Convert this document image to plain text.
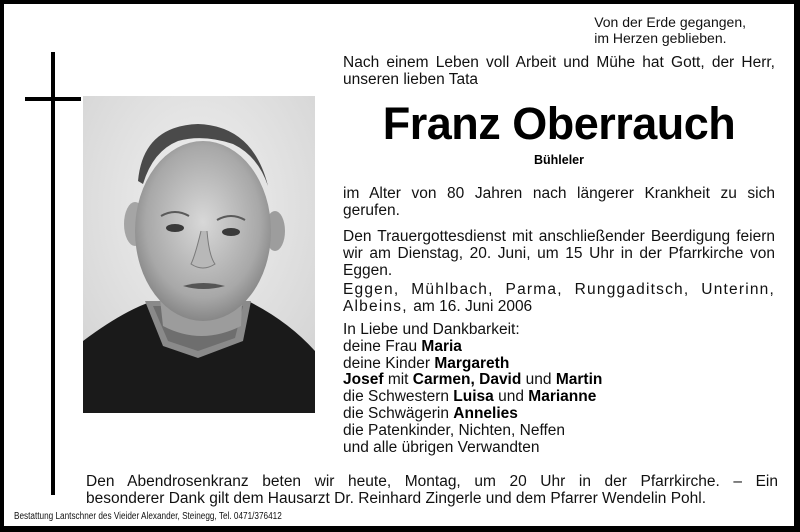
Von der Erde gegangen,
im Herzen geblieben.
Nach einem Leben voll Arbeit und Mühe hat Gott, der Herr, unseren lieben Tata
Franz Oberrauch
Bühleler
im Alter von 80 Jahren nach längerer Krankheit zu sich gerufen.
Den Trauergottesdienst mit anschließender Beerdigung feiern wir am Dienstag, 20. Juni, um 15 Uhr in der Pfarrkirche von Eggen.
Eggen, Mühlbach, Parma, Runggaditsch, Unterinn, Albeins, am 16. Juni 2006
In Liebe und Dankbarkeit:
deine Frau Maria
deine Kinder Margareth
Josef mit Carmen, David und Martin
die Schwestern Luisa und Marianne
die Schwägerin Annelies
die Patenkinder, Nichten, Neffen
und alle übrigen Verwandten
Den Abendrosenkranz beten wir heute, Montag, um 20 Uhr in der Pfarrkirche. – Ein
besonderer Dank gilt dem Hausarzt Dr. Reinhard Zingerle und dem Pfarrer Wendelin Pohl.
Bestattung Lantschner des Vieider Alexander, Steinegg, Tel. 0471/376412
